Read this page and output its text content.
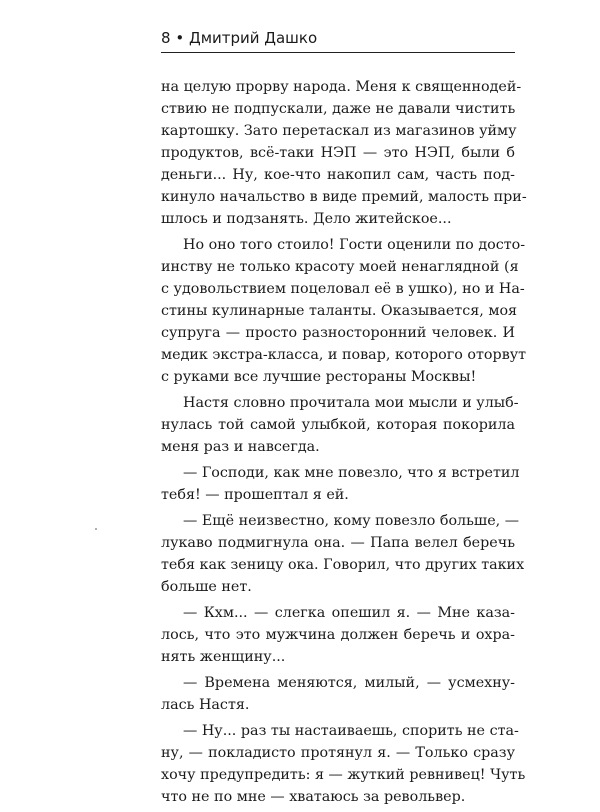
8 • Дмитрий Дашко
на целую прорву народа. Меня к священнодей-
ствию не подпускали, даже не давали чистить
картошку. Зато перетаскал из магазинов уйму
продуктов, всё-таки НЭП — это НЭП, были б
деньги... Ну, кое-что накопил сам, часть под-
кинуло начальство в виде премий, малость при-
шлось и подзанять. Дело житейское...
Но оно того стоило! Гости оценили по досто-
инству не только красоту моей ненаглядной (я
с удовольствием поцеловал её в ушко), но и На-
стины кулинарные таланты. Оказывается, моя
супруга — просто разносторонний человек. И
медик экстра-класса, и повар, которого оторвут
с руками все лучшие рестораны Москвы!
Настя словно прочитала мои мысли и улыб-
нулась той самой улыбкой, которая покорила
меня раз и навсегда.
— Господи, как мне повезло, что я встретил
тебя! — прошептал я ей.
— Ещё неизвестно, кому повезло больше, —
лукаво подмигнула она. — Папа велел беречь
тебя как зеницу ока. Говорил, что других таких
больше нет.
— Кхм... — слегка опешил я. — Мне каза-
лось, что это мужчина должен беречь и охра-
нять женщину...
— Времена меняются, милый, — усмехну-
лась Настя.
— Ну... раз ты настаиваешь, спорить не ста-
ну, — покладисто протянул я. — Только сразу
хочу предупредить: я — жуткий ревнивец! Чуть
что не по мне — хватаюсь за револьвер.
